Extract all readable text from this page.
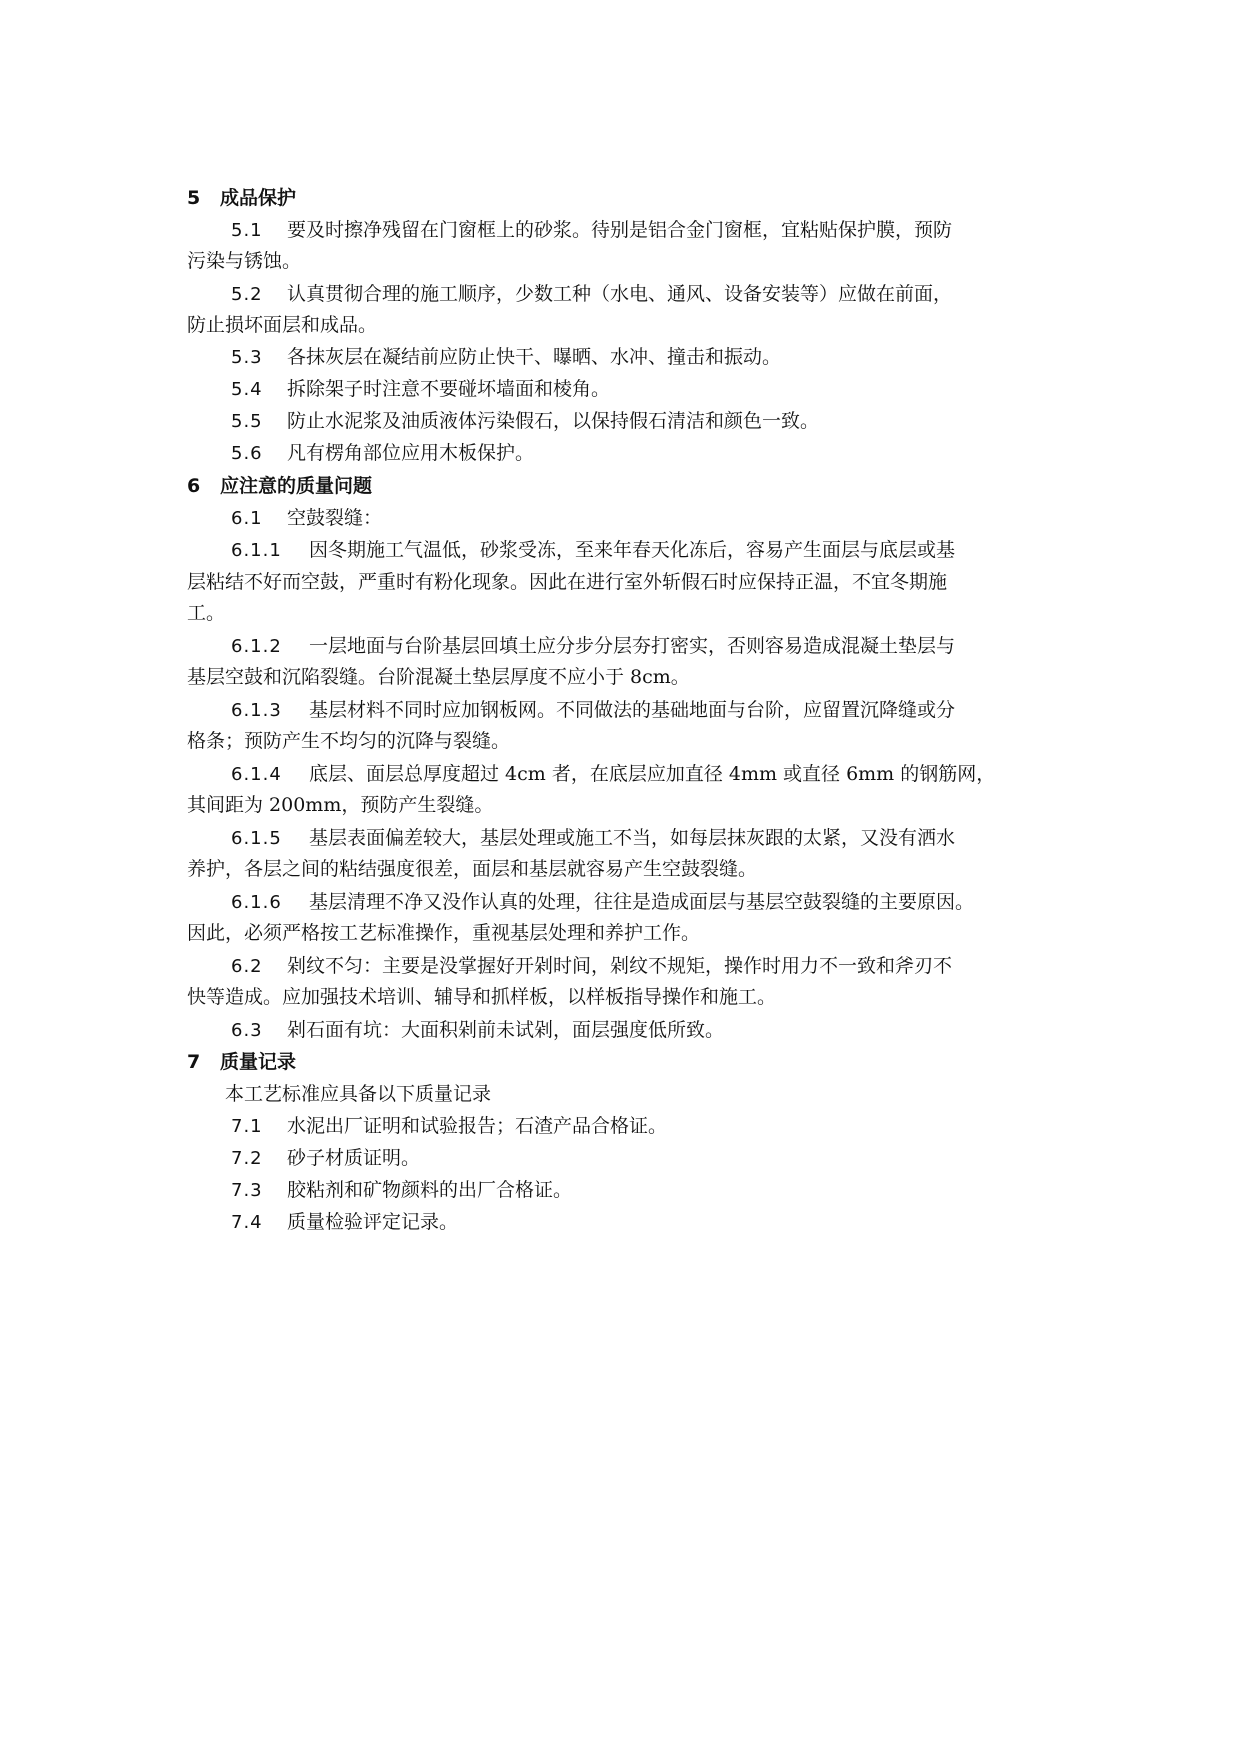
5 成品保护
5.1 要及时擦净残留在门窗框上的砂浆。待别是铝合金门窗框，宜粘贴保护膜，预防
污染与锈蚀。
5.2 认真贯彻合理的施工顺序，少数工种（水电、通风、设备安装等）应做在前面，
防止损坏面层和成品。
5.3 各抹灰层在凝结前应防止快干、曝晒、水冲、撞击和振动。
5.4 拆除架子时注意不要碰坏墙面和棱角。
5.5 防止水泥浆及油质液体污染假石，以保持假石清洁和颜色一致。
5.6 凡有楞角部位应用木板保护。
6 应注意的质量问题
6.1 空鼓裂缝：
6.1.1 因冬期施工气温低，砂浆受冻，至来年春天化冻后，容易产生面层与底层或基
层粘结不好而空鼓，严重时有粉化现象。因此在进行室外斩假石时应保持正温，不宜冬期施
工。
6.1.2 一层地面与台阶基层回填土应分步分层夯打密实，否则容易造成混凝土垫层与
基层空鼓和沉陷裂缝。台阶混凝土垫层厚度不应小于 8cm。
6.1.3 基层材料不同时应加钢板网。不同做法的基础地面与台阶，应留置沉降缝或分
格条；预防产生不均匀的沉降与裂缝。
6.1.4 底层、面层总厚度超过 4cm 者，在底层应加直径 4mm 或直径 6mm 的钢筋网，
其间距为 200mm，预防产生裂缝。
6.1.5 基层表面偏差较大，基层处理或施工不当，如每层抹灰跟的太紧，又没有洒水
养护，各层之间的粘结强度很差，面层和基层就容易产生空鼓裂缝。
6.1.6 基层清理不净又没作认真的处理，往往是造成面层与基层空鼓裂缝的主要原因。
因此，必须严格按工艺标准操作，重视基层处理和养护工作。
6.2 剁纹不匀：主要是没掌握好开剁时间，剁纹不规矩，操作时用力不一致和斧刃不
快等造成。应加强技术培训、辅导和抓样板，以样板指导操作和施工。
6.3 剁石面有坑：大面积剁前未试剁，面层强度低所致。
7 质量记录
本工艺标准应具备以下质量记录
7.1 水泥出厂证明和试验报告；石渣产品合格证。
7.2 砂子材质证明。
7.3 胶粘剂和矿物颜料的出厂合格证。
7.4 质量检验评定记录。
